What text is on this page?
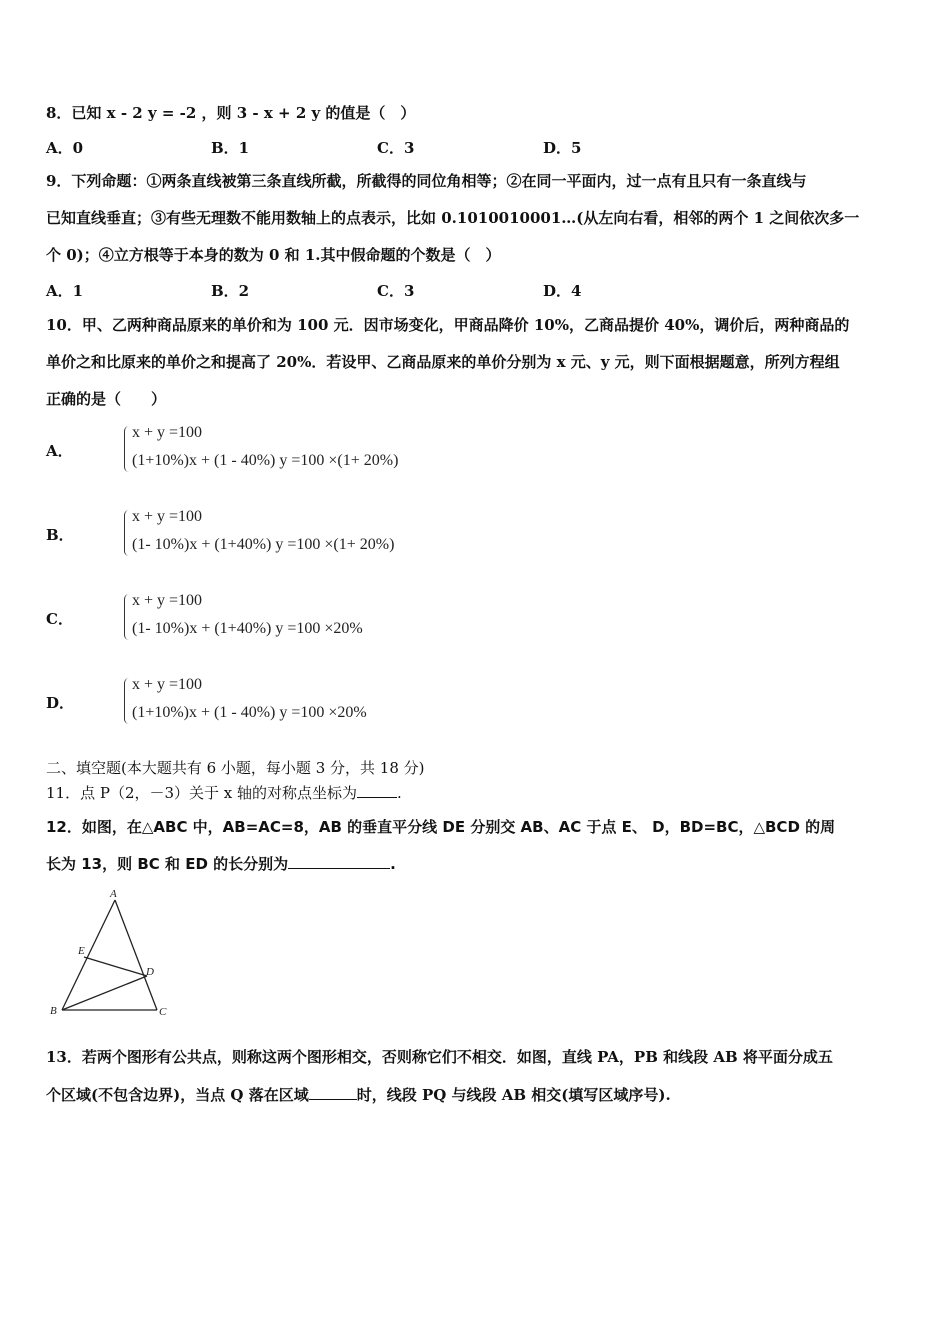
8．已知 x - 2 y = -2 ，则 3 - x + 2 y 的值是（　）
A．0	B．1	C．3	D．5
9．下列命题：①两条直线被第三条直线所截，所截得的同位角相等；②在同一平面内，过一点有且只有一条直线与
已知直线垂直；③有些无理数不能用数轴上的点表示，比如 0.1010010001…(从左向右看，相邻的两个 1 之间依次多一
个 0)；④立方根等于本身的数为 0 和 1.其中假命题的个数是（　）
A．1	B．2	C．3	D．4
10．甲、乙两种商品原来的单价和为 100 元．因市场变化，甲商品降价 10%，乙商品提价 40%，调价后，两种商品的
单价之和比原来的单价之和提高了 20%．若设甲、乙商品原来的单价分别为 x 元、y 元，则下面根据题意，所列方程组
正确的是（　　）
A．
x + y =100
(1+10%)x + (1 - 40%) y =100 ×(1+ 20%)
B．
x + y =100
(1- 10%)x + (1+40%) y =100 ×(1+ 20%)
C．
x + y =100
(1- 10%)x + (1+40%) y =100 ×20%
D．
x + y =100
(1+10%)x + (1 - 40%) y =100 ×20%
二、填空题(本大题共有 6 小题，每小题 3 分，共 18 分)
11．点 P（2，－3）关于 x 轴的对称点坐标为	.
12．如图，在△ABC 中，AB=AC=8，AB 的垂直平分线 DE 分别交 AB、AC 于点 E、 D，BD=BC，△BCD 的周
长为 13，则 BC 和 ED 的长分别为	.
A
B	C
D
E
13．若两个图形有公共点，则称这两个图形相交，否则称它们不相交．如图，直线 PA，PB 和线段 AB 将平面分成五
个区域(不包含边界)，当点 Q 落在区域	时，线段 PQ 与线段 AB 相交(填写区域序号).
